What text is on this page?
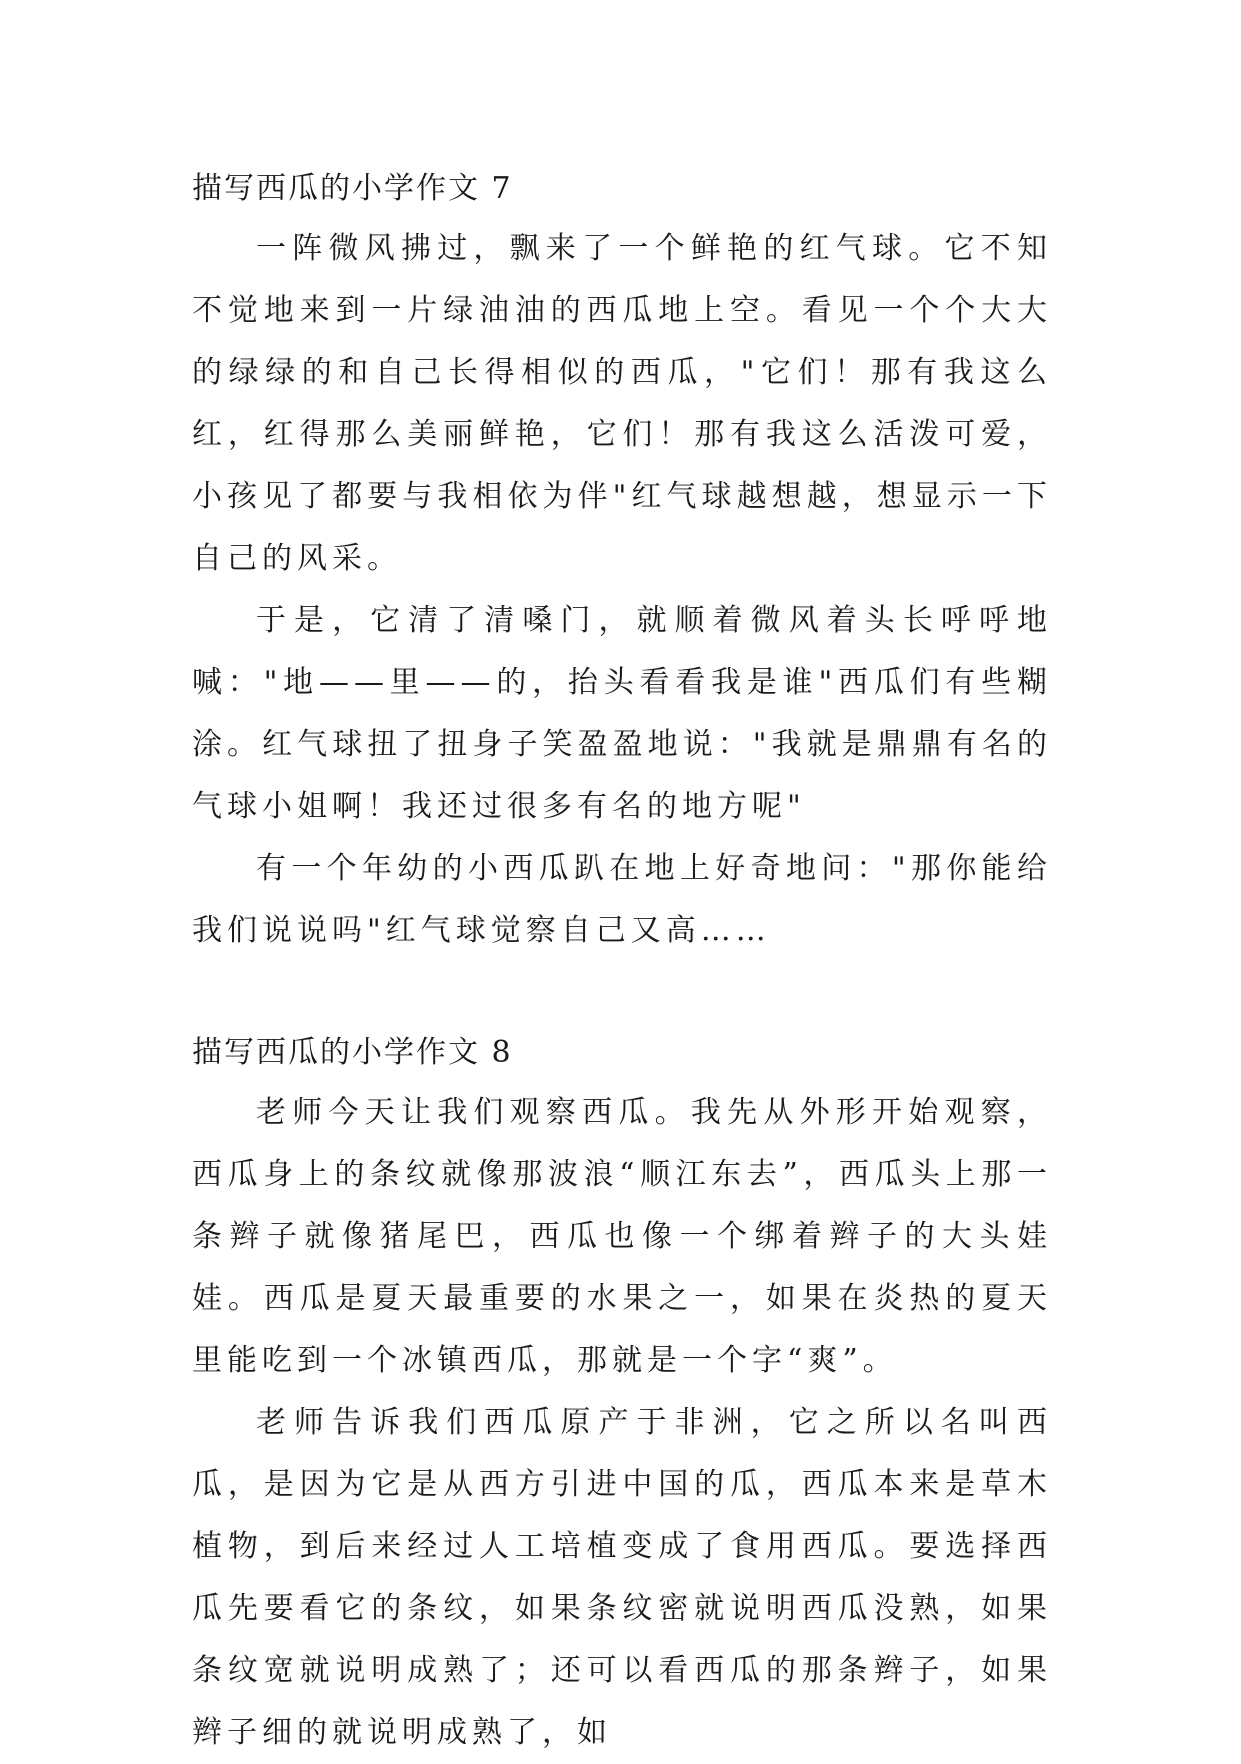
描写西瓜的小学作文 7

一阵微风拂过，飘来了一个鲜艳的红气球。它不知不觉地来到一片绿油油的西瓜地上空。看见一个个大大的绿绿的和自己长得相似的西瓜，"它们！那有我这么红，红得那么美丽鲜艳，它们！那有我这么活泼可爱，小孩见了都要与我相依为伴"红气球越想越，想显示一下自己的风采。

于是，它清了清嗓门，就顺着微风着头长呼呼地喊："地——里——的，抬头看看我是谁"西瓜们有些糊涂。红气球扭了扭身子笑盈盈地说："我就是鼎鼎有名的气球小姐啊！我还过很多有名的地方呢"

有一个年幼的小西瓜趴在地上好奇地问："那你能给我们说说吗"红气球觉察自己又高……

描写西瓜的小学作文 8

老师今天让我们观察西瓜。我先从外形开始观察，西瓜身上的条纹就像那波浪“顺江东去”，西瓜头上那一条辫子就像猪尾巴，西瓜也像一个绑着辫子的大头娃娃。西瓜是夏天最重要的水果之一，如果在炎热的夏天里能吃到一个冰镇西瓜，那就是一个字“爽”。

老师告诉我们西瓜原产于非洲，它之所以名叫西瓜，是因为它是从西方引进中国的瓜，西瓜本来是草木植物，到后来经过人工培植变成了食用西瓜。要选择西瓜先要看它的条纹，如果条纹密就说明西瓜没熟，如果条纹宽就说明成熟了；还可以看西瓜的那条辫子，如果辫子细的就说明成熟了，如
